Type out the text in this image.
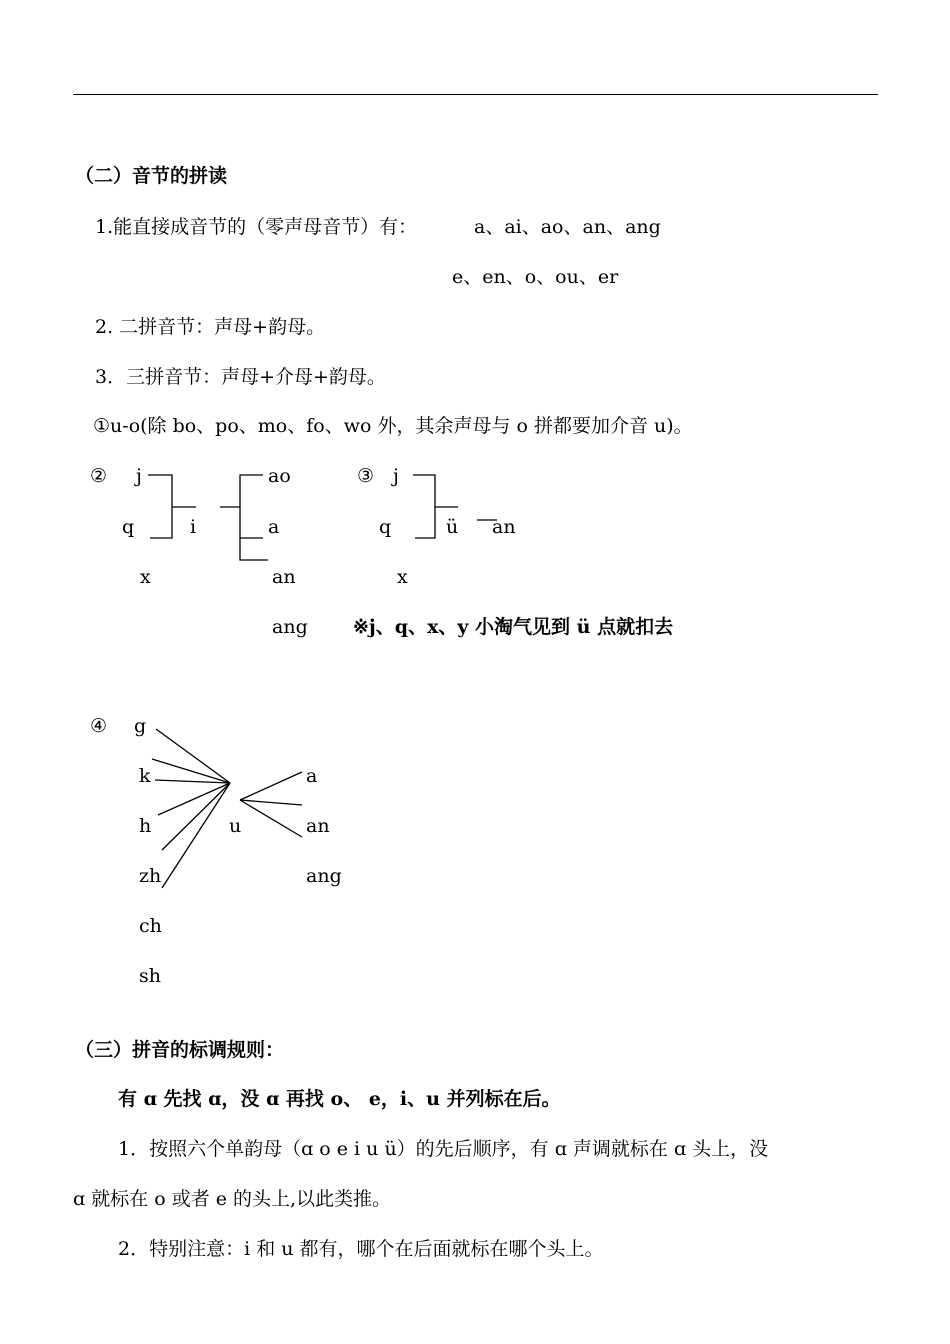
（二）音节的拼读
1.能直接成音节的（零声母音节）有：	a、ai、ao、an、ang
e、en、o、ou、er
2. 二拼音节：声母+韵母。
3．三拼音节：声母+介母+韵母。
①u-o(除 bo、po、mo、fo、wo 外，其余声母与 o 拼都要加介音 u)。
② j
q
x
i
ao
a
an
ang
③ j
q
x
ü an
※j、q、x、y 小淘气见到 ü 点就扣去
④ g
k
h
zh
ch
sh
u
a
an
ang
（三）拼音的标调规则：
有 ɑ 先找 ɑ，没 ɑ 再找 o、 e，i、u 并列标在后。
1．按照六个单韵母（ɑ o e i u ü）的先后顺序，有 ɑ 声调就标在 ɑ 头上，没
ɑ 就标在 o 或者 e 的头上,以此类推。
2．特别注意：i 和 u 都有，哪个在后面就标在哪个头上。
